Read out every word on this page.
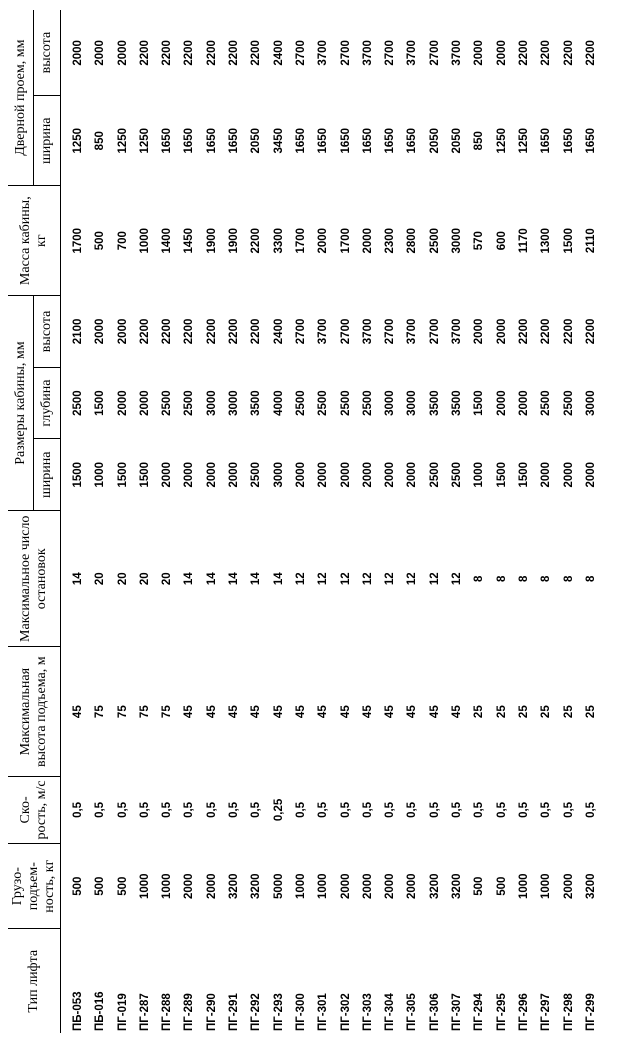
Тип лифта	Грузо-подъем-ность, кг	Ско-рость, м/с	Максимальная высота подъема, м	Максимальное число остановок	Размеры кабины, мм			Масса кабины, кг	Дверной проем, мм	
					ширина	глубина	высота		ширина	высота
ПБ-053	500	0,5	45	14	1500	2500	2100	1700	1250	2000
ПБ-016	500	0,5	75	20	1000	1500	2000	500	850	2000
ПГ-019	500	0,5	75	20	1500	2000	2000	700	1250	2000
ПГ-287	1000	0,5	75	20	1500	2000	2200	1000	1250	2200
ПГ-288	1000	0,5	75	20	2000	2500	2200	1400	1650	2200
ПГ-289	2000	0,5	45	14	2000	2500	2200	1450	1650	2200
ПГ-290	2000	0,5	45	14	2000	3000	2200	1900	1650	2200
ПГ-291	3200	0,5	45	14	2000	3000	2200	1900	1650	2200
ПГ-292	3200	0,5	45	14	2500	3500	2200	2200	2050	2200
ПГ-293	5000	0,25	45	14	3000	4000	2400	3300	3450	2400
ПГ-300	1000	0,5	45	12	2000	2500	2700	1700	1650	2700
ПГ-301	1000	0,5	45	12	2000	2500	3700	2000	1650	3700
ПГ-302	2000	0,5	45	12	2000	2500	2700	1700	1650	2700
ПГ-303	2000	0,5	45	12	2000	2500	3700	2000	1650	3700
ПГ-304	2000	0,5	45	12	2000	3000	2700	2300	1650	2700
ПГ-305	2000	0,5	45	12	2000	3000	3700	2800	1650	3700
ПГ-306	3200	0,5	45	12	2500	3500	2700	2500	2050	2700
ПГ-307	3200	0,5	45	12	2500	3500	3700	3000	2050	3700
ПГ-294	500	0,5	25	8	1000	1500	2000	570	850	2000
ПГ-295	500	0,5	25	8	1500	2000	2000	600	1250	2000
ПГ-296	1000	0,5	25	8	1500	2000	2200	1170	1250	2200
ПГ-297	1000	0,5	25	8	2000	2500	2200	1300	1650	2200
ПГ-298	2000	0,5	25	8	2000	2500	2200	1500	1650	2200
ПГ-299	3200	0,5	25	8	2000	3000	2200	2110	1650	2200
